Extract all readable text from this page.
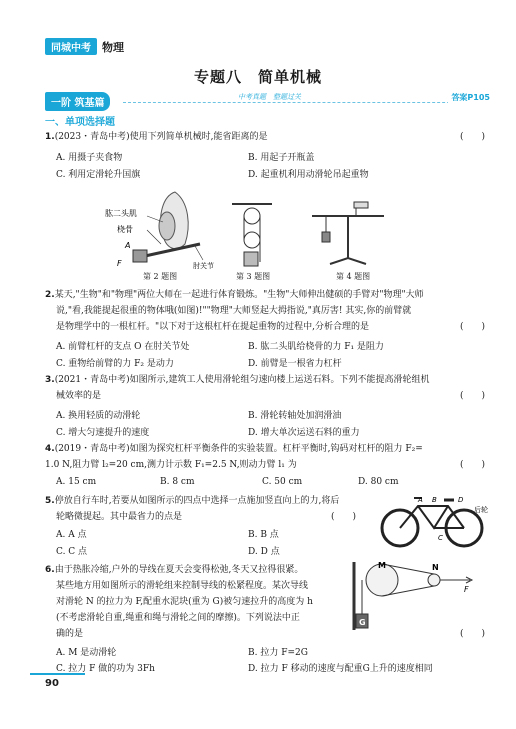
同城中考	物理
专题八　简单机械
一阶 筑基篇
中考真题　整题过关	答案P105
一、单项选择题
1.(2023・青岛中考)使用下列简单机械时,能省距离的是	(　　)
A. 用摄子夹食物	B. 用起子开瓶盖
C. 利用定滑轮升国旗	D. 起重机利用动滑轮吊起重物
肱二头肌
桡骨
A
F	肘关节
第 2 题图	第 3 题图	第 4 题图
2.某天,"生物"和"物理"两位大师在一起进行体育锻炼。"生物"大师伸出健硕的手臂对"物理"大师
说,"看,我能提起很重的物体哦(如图)!""物理"大师竖起大拇指说,"真厉害! 其实,你的前臂就
是物理学中的一根杠杆。"以下对于这根杠杆在提起重物的过程中,分析合理的是	(　　)
A. 前臂杠杆的支点 O 在肘关节处	B. 肱二头肌给桡骨的力 F₁ 是阻力
C. 重物给前臂的力 F₂ 是动力	D. 前臂是一根省力杠杆
3.(2021・青岛中考)如图所示,建筑工人使用滑轮组匀速向楼上运送石料。下列不能提高滑轮组机
械效率的是	(　　)
A. 换用轻质的动滑轮	B. 滑轮转轴处加润滑油
C. 增大匀速提升的速度	D. 增大单次运送石料的重力
4.(2019・青岛中考)如图为探究杠杆平衡条件的实验装置。杠杆平衡时,钩码对杠杆的阻力 F₂=
1.0 N,阻力臂 l₂=20 cm,测力计示数 F₁=2.5 N,则动力臂 l₁ 为	(　　)
A. 15 cm	B. 8 cm	C. 50 cm	D. 80 cm
5.停放自行车时,若要从如图所示的四点中选择一点施加竖直向上的力,将后
轮略微提起。其中最省力的点是	(　　)
A. A 点	B. B 点
C. C 点	D. D 点
A B
C
D
后轮
6.由于热胀冷缩,户外的导线在夏天会变得松弛,冬天又拉得很紧。
某些地方用如图所示的滑轮组来控制导线的松紧程度。某次导线
对滑轮 N 的拉力为 F,配重水泥块(重为 G)被匀速拉升的高度为 h
(不考虑滑轮自重,绳重和绳与滑轮之间的摩擦)。下列说法中正
确的是	(　　)
A. M 是动滑轮	B. 拉力 F=2G
C. 拉力 F 做的功为 3Fh	D. 拉力 F 移动的速度与配重G上升的速度相同
M	N
F
G
90
